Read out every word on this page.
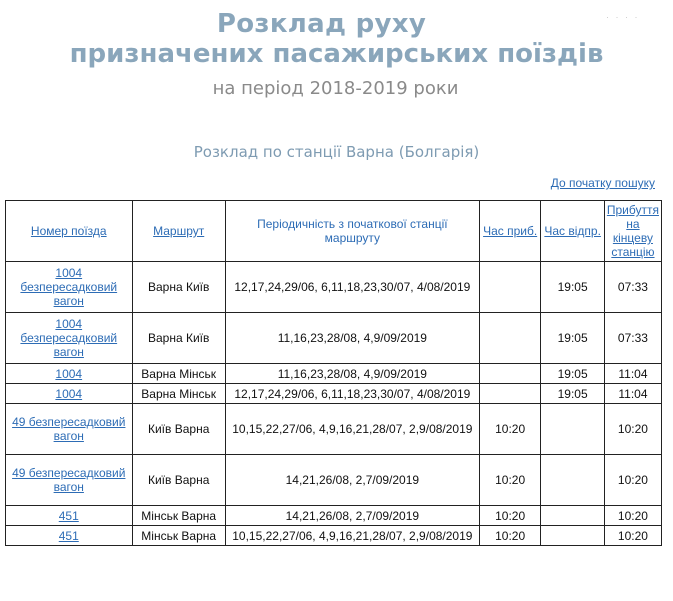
· · · ·
Розклад руху
призначених пасажирських поїздів
на період 2018-2019 роки
Розклад по станції Варна (Болгарія)
До початку пошуку
Номер поїзда	Маршрут	Періодичність з початкової станції маршруту	Час приб.	Час відпр.	Прибуття на кінцеву станцію
1004 безпересадковий вагон	Варна Київ	12,17,24,29/06, 6,11,18,23,30/07, 4/08/2019		19:05	07:33
1004 безпересадковий вагон	Варна Київ	11,16,23,28/08, 4,9/09/2019		19:05	07:33
1004	Варна Мінськ	11,16,23,28/08, 4,9/09/2019		19:05	11:04
1004	Варна Мінськ	12,17,24,29/06, 6,11,18,23,30/07, 4/08/2019		19:05	11:04
49 безпересадковий вагон	Київ Варна	10,15,22,27/06, 4,9,16,21,28/07, 2,9/08/2019	10:20		10:20
49 безпересадковий вагон	Київ Варна	14,21,26/08, 2,7/09/2019	10:20		10:20
451	Мінськ Варна	14,21,26/08, 2,7/09/2019	10:20		10:20
451	Мінськ Варна	10,15,22,27/06, 4,9,16,21,28/07, 2,9/08/2019	10:20		10:20
